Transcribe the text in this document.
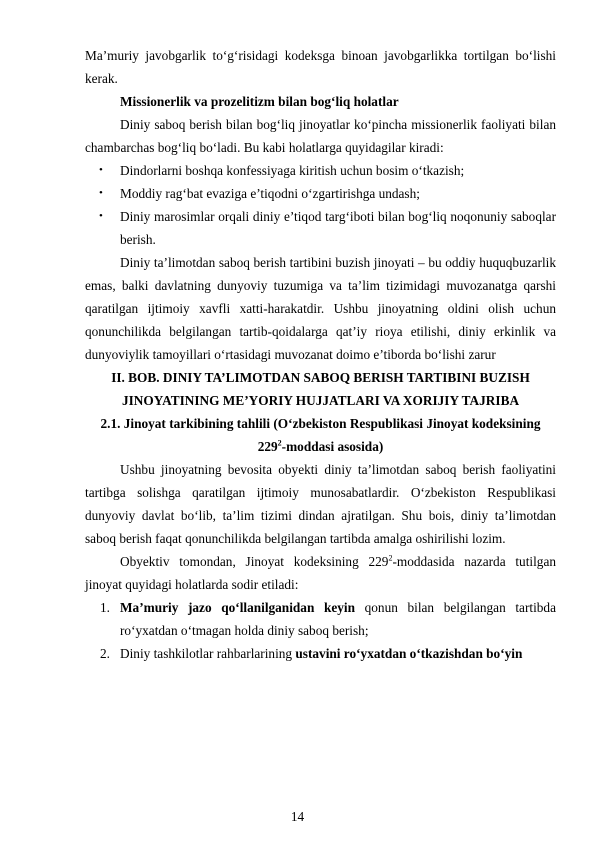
Ma’muriy javobgarlik to‘g‘risidagi kodeksga binoan javobgarlikka tortilgan bo‘lishi kerak.

Missionerlik va prozelitizm bilan bog‘liq holatlar

Diniy saboq berish bilan bog‘liq jinoyatlar ko‘pincha missionerlik faoliyati bilan chambarchas bog‘liq bo‘ladi. Bu kabi holatlarga quyidagilar kiradi:

• Dindorlarni boshqa konfessiyaga kiritish uchun bosim o‘tkazish;
• Moddiy rag‘bat evaziga e’tiqodni o‘zgartirishga undash;
• Diniy marosimlar orqali diniy e’tiqod targ‘iboti bilan bog‘liq noqonuniy saboqlar berish.

Diniy ta’limotdan saboq berish tartibini buzish jinoyati – bu oddiy huquqbuzarlik emas, balki davlatning dunyoviy tuzumiga va ta’lim tizimidagi muvozanatga qarshi qaratilgan ijtimoiy xavfli xatti-harakatdir. Ushbu jinoyatning oldini olish uchun qonunchilikda belgilangan tartib-qoidalarga qat’iy rioya etilishi, diniy erkinlik va dunyoviylik tamoyillari o‘rtasidagi muvozanat doimo e’tiborda bo‘lishi zarur

II. BOB. DINIY TA’LIMOTDAN SABOQ BERISH TARTIBINI BUZISH

JINOYATINING ME’YORIY HUJJATLARI VA XORIJIY TAJRIBA

2.1. Jinoyat tarkibining tahlili (O‘zbekiston Respublikasi Jinoyat kodeksining

$229^2$-moddasi asosida)

Ushbu jinoyatning bevosita obyekti diniy ta’limotdan saboq berish faoliyatini tartibga solishga qaratilgan ijtimoiy munosabatlardir. O‘zbekiston Respublikasi dunyoviy davlat bo‘lib, ta’lim tizimi dindan ajratilgan. Shu bois, diniy ta’limotdan saboq berish faqat qonunchilikda belgilangan tartibda amalga oshirilishi lozim.

Obyektiv tomondan, Jinoyat kodeksining $229^2$-moddasida nazarda tutilgan jinoyat quyidagi holatlarda sodir etiladi:

1. Ma’muriy jazo qo‘llanilganidan keyin qonun bilan belgilangan tartibda ro‘yxatdan o‘tmagan holda diniy saboq berish;
2. Diniy tashkilotlar rahbarlarining ustavini ro‘yxatdan o‘tkazishdan bo‘yin
14
